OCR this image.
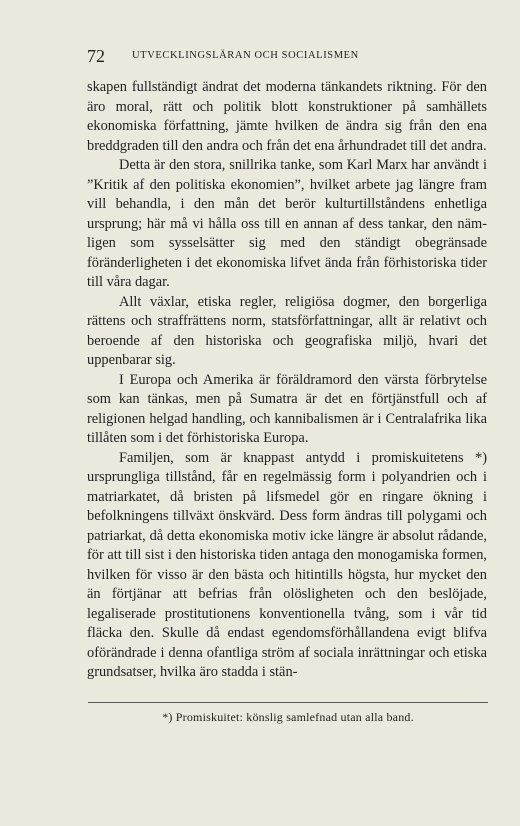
72	UTVECKLINGSLÄRAN OCH SOCIALISMEN

skapen fullständigt ändrat det moderna tänkandets riktning. För den äro moral, rätt och politik blott konstruktioner på samhällets ekonomiska författning, jämte hvilken de ändra sig från den ena breddgraden till den andra och från det ena århundradet till det andra.

Detta är den stora, snillrika tanke, som Karl Marx har användt i ”Kritik af den politiska ekonomien”, hvilket arbete jag längre fram vill behandla, i den mån det berör kulturtillståndens enhetliga ursprung; här må vi hålla oss till en annan af dess tankar, den nämligen som sysselsätter sig med den ständigt obegränsade föränderligheten i det ekonomiska lifvet ända från förhistoriska tider till våra dagar.

Allt växlar, etiska regler, religiösa dogmer, den borgerliga rättens och straffrättens norm, statsförfattningar, allt är relativt och beroende af den historiska och geografiska miljö, hvari det uppenbarar sig.

I Europa och Amerika är föräldramord den värsta förbrytelse som kan tänkas, men på Sumatra är det en förtjänstfull och af religionen helgad handling, och kannibalismen är i Centralafrika lika tillåten som i det förhistoriska Europa.

Familjen, som är knappast antydd i promiskuitetens *) ursprungliga tillstånd, får en regelmässig form i polyandrien och i matriarkatet, då bristen på lifsmedel gör en ringare ökning i befolkningens tillväxt önskvärd. Dess form ändras till polygami och patriarkat, då detta ekonomiska motiv icke längre är absolut rådande, för att till sist i den historiska tiden antaga den monogamiska formen, hvilken för visso är den bästa och hitintills högsta, hur mycket den än förtjänar att befrias från olösligheten och den beslöjade, legaliserade prostitutionens konventionella tvång, som i vår tid fläcka den. Skulle då endast egendomsförhållandena evigt blifva oförändrade i denna ofantliga ström af sociala inrättningar och etiska grundsatser, hvilka äro stadda i stän-

*) Promiskuitet: könslig samlefnad utan alla band.
